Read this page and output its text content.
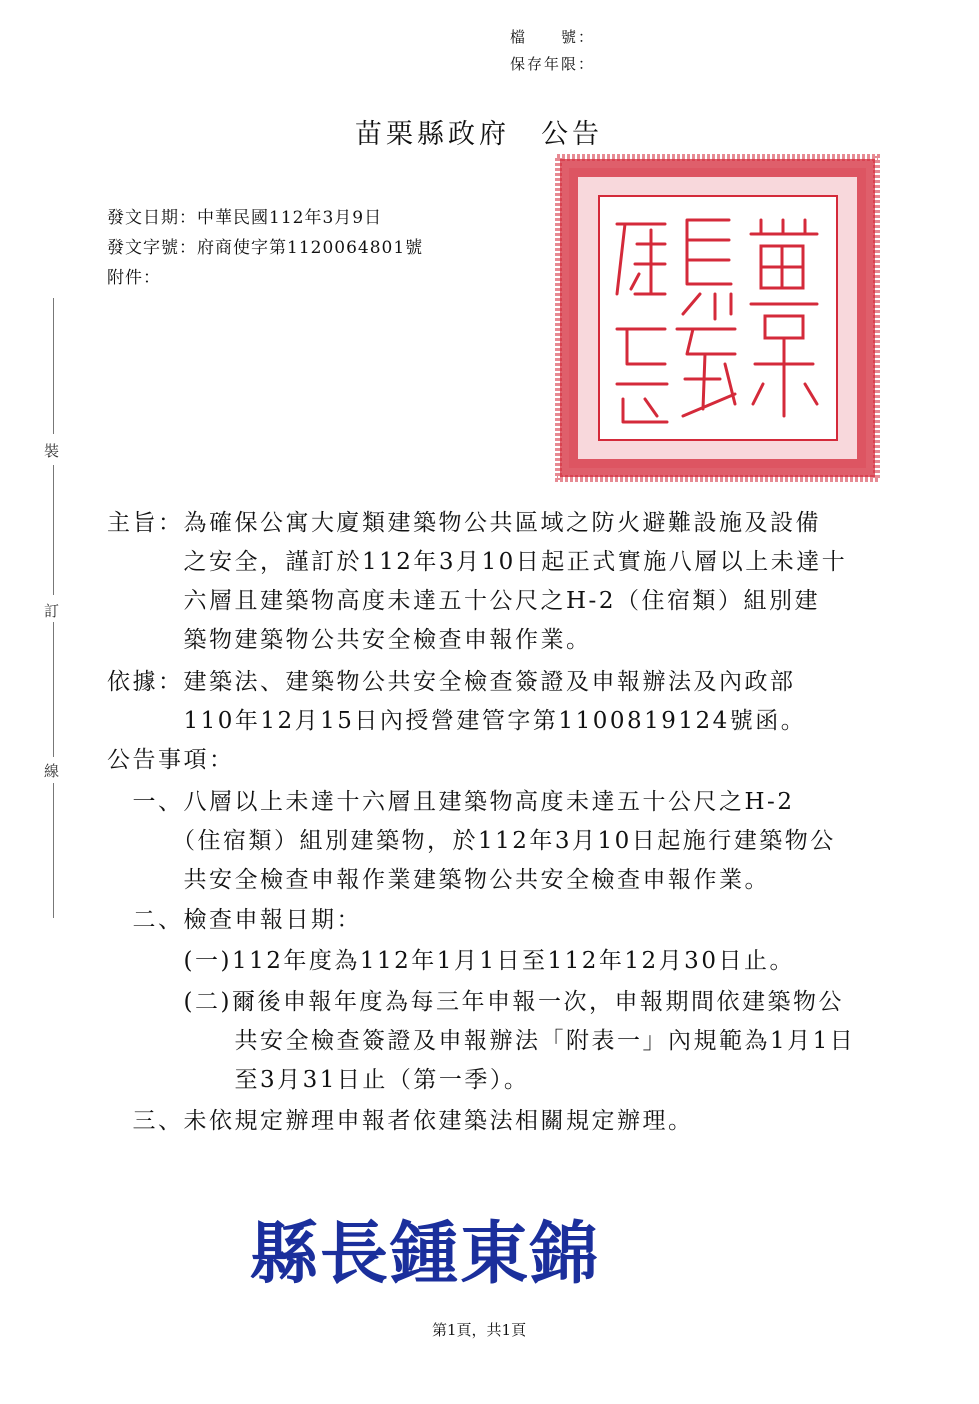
檔　　號：
保存年限：
苗栗縣政府　公告
發文日期：中華民國112年3月9日
發文字號：府商使字第1120064801號
附件：
裝
訂
線
主旨：為確保公寓大廈類建築物公共區域之防火避難設施及設備
　　　之安全，謹訂於112年3月10日起正式實施八層以上未達十
　　　六層且建築物高度未達五十公尺之H-2（住宿類）組別建
　　　築物建築物公共安全檢查申報作業。
依據：建築法、建築物公共安全檢查簽證及申報辦法及內政部
　　　110年12月15日內授營建管字第1100819124號函。
公告事項：
　一、八層以上未達十六層且建築物高度未達五十公尺之H-2
　　　（住宿類）組別建築物，於112年3月10日起施行建築物公
　　　共安全檢查申報作業建築物公共安全檢查申報作業。
　二、檢查申報日期：
　　　(一)112年度為112年1月1日至112年12月30日止。
　　　(二)爾後申報年度為每三年申報一次，申報期間依建築物公
　　　　　共安全檢查簽證及申報辦法「附表一」內規範為1月1日
　　　　　至3月31日止（第一季）。
　三、未依規定辦理申報者依建築法相關規定辦理。
縣長鍾東錦
第1頁，共1頁
